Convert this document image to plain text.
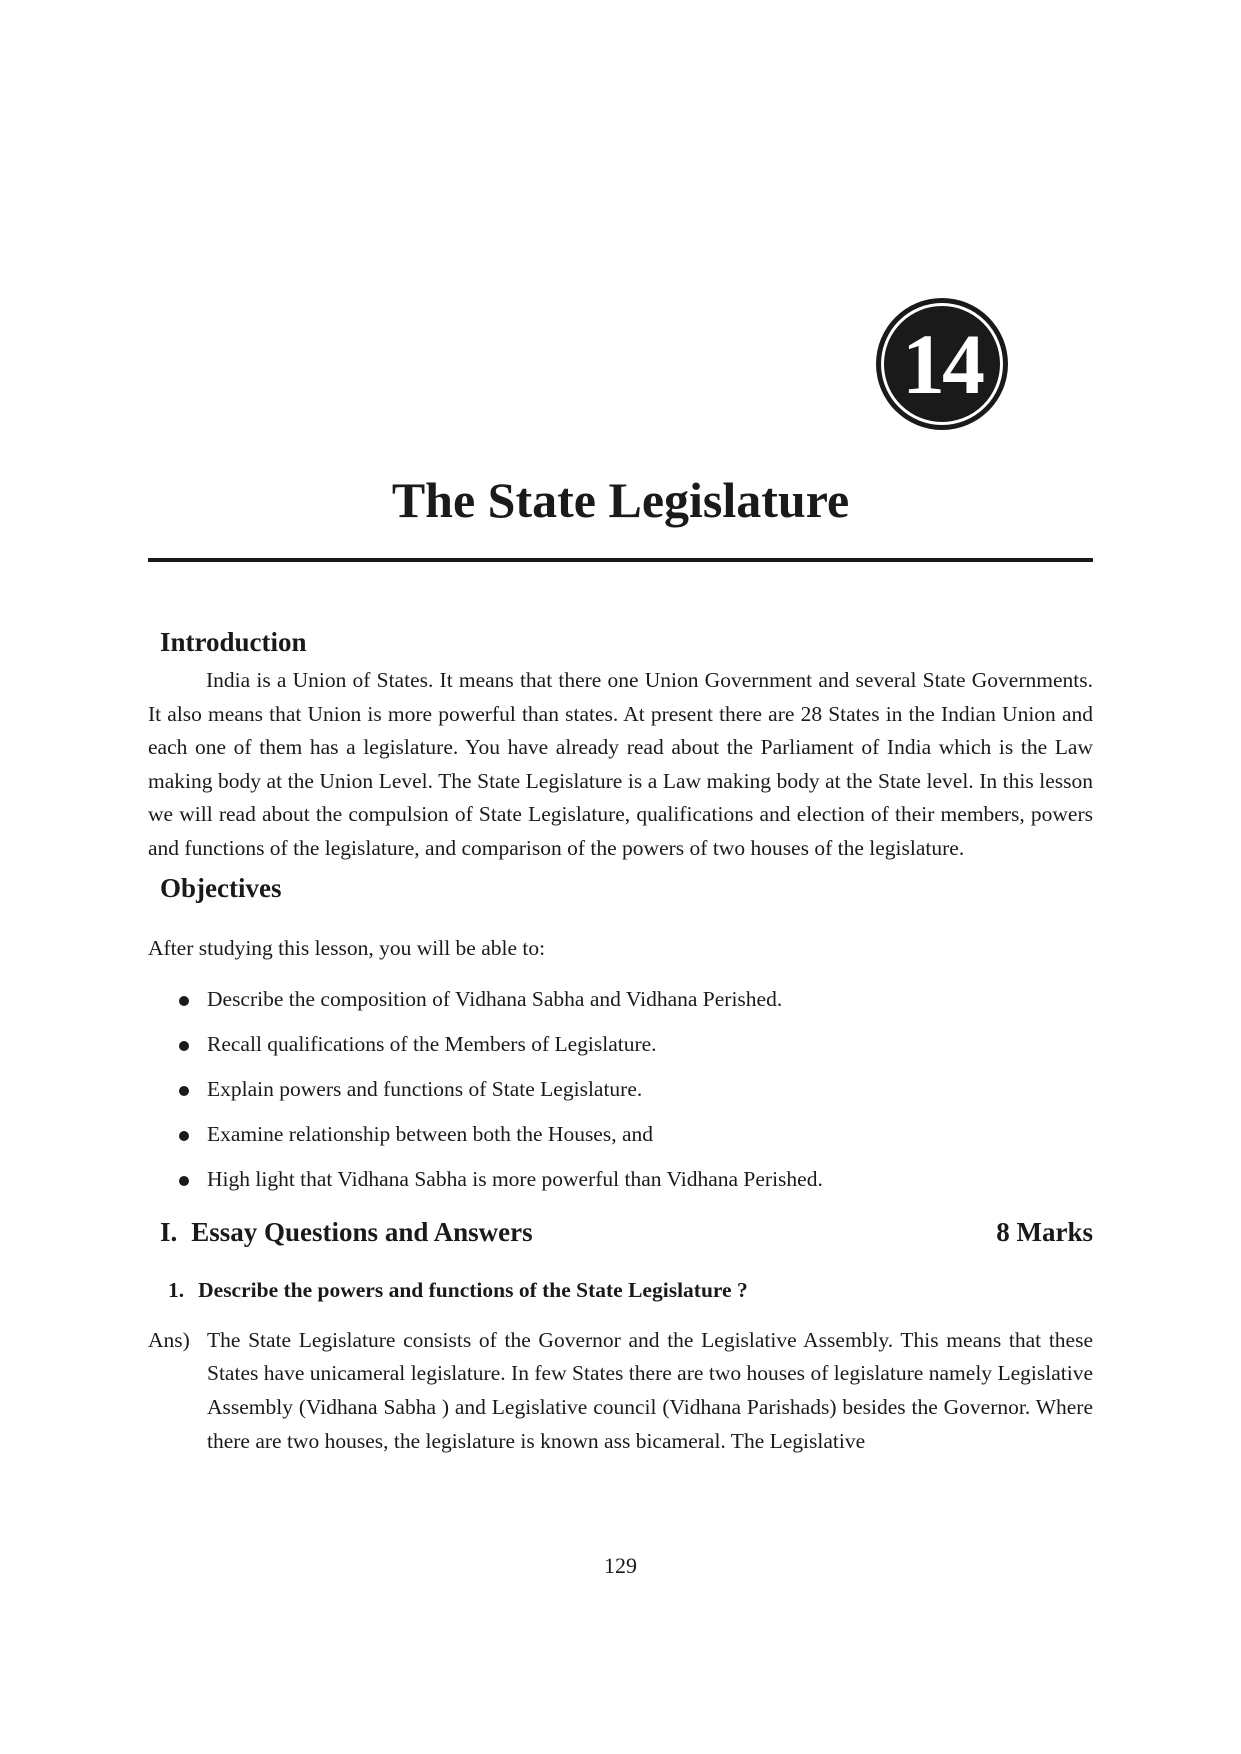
14
The State Legislature
Introduction

India is a Union of States. It means that there one Union Government and several State Governments. It also means that Union is more powerful than states. At present there are 28 States in the Indian Union and each one of them has a legislature. You have already read about the Parliament of India which is the Law making body at the Union Level. The State Legislature is a Law making body at the State level. In this lesson we will read about the compulsion of State Legislature, qualifications and election of their members, powers and functions of the legislature, and comparison of the powers of two houses of the legislature.

Objectives

After studying this lesson, you will be able to:

Describe the composition of Vidhana Sabha and Vidhana Perished.
Recall qualifications of the Members of Legislature.
Explain powers and functions of State Legislature.
Examine relationship between both the Houses, and
High light that Vidhana Sabha is more powerful than Vidhana Perished.
I. Essay Questions and Answers	8 Marks
1. Describe the powers and functions of the State Legislature ?
Ans) The State Legislature consists of the Governor and the Legislative Assembly. This means that these States have unicameral legislature. In few States there are two houses of legislature namely Legislative Assembly (Vidhana Sabha ) and Legislative council (Vidhana Parishads) besides the Governor. Where there are two houses, the legislature is known ass bicameral. The Legislative
129
